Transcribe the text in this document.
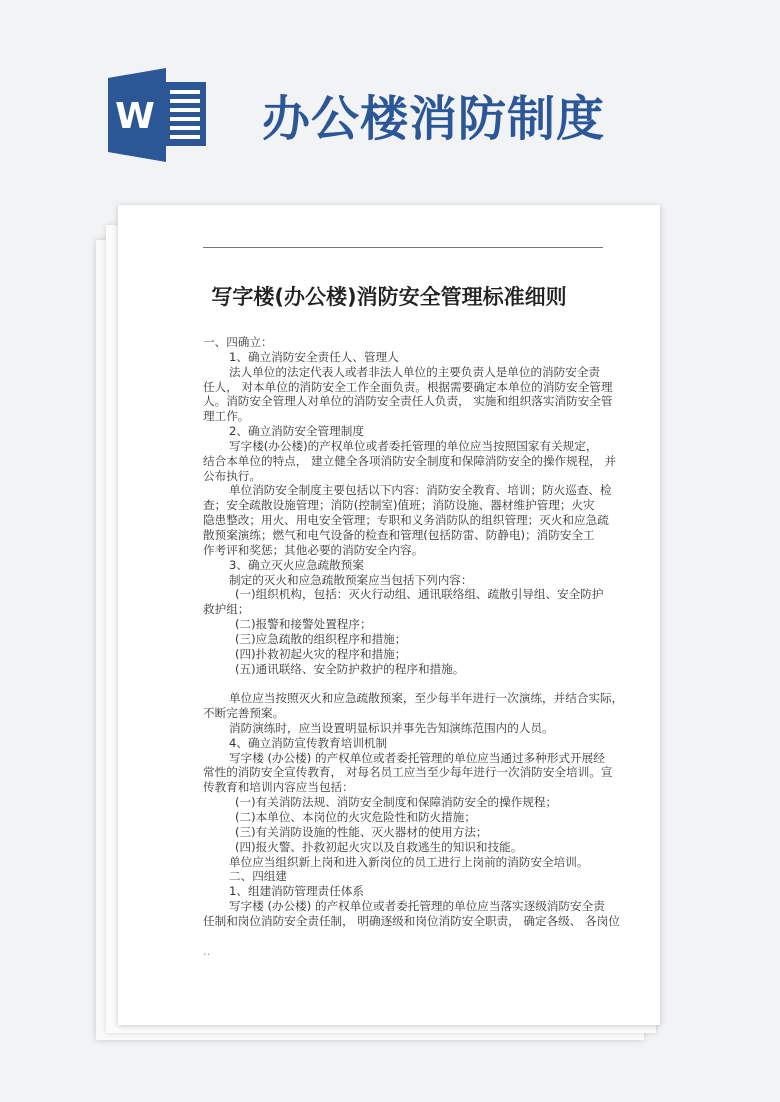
W 办公楼消防制度
写字楼(办公楼)消防安全管理标准细则
一、四确立：
1、确立消防安全责任人、管理人
法人单位的法定代表人或者非法人单位的主要负责人是单位的消防安全责
任人， 对本单位的消防安全工作全面负责。根据需要确定本单位的消防安全管理
人。消防安全管理人对单位的消防安全责任人负责， 实施和组织落实消防安全管
理工作。
2、确立消防安全管理制度
写字楼(办公楼)的产权单位或者委托管理的单位应当按照国家有关规定，
结合本单位的特点， 建立健全各项消防安全制度和保障消防安全的操作规程， 并
公布执行。
单位消防安全制度主要包括以下内容：消防安全教育、培训；防火巡查、检
查；安全疏散设施管理；消防(控制室)值班；消防设施、器材维护管理；火灾
隐患整改；用火、用电安全管理；专职和义务消防队的组织管理；灭火和应急疏
散预案演练；燃气和电气设备的检查和管理(包括防雷、防静电)；消防安全工
作考评和奖惩；其他必要的消防安全内容。
3、确立灭火应急疏散预案
制定的灭火和应急疏散预案应当包括下列内容：
(一)组织机构，包括：灭火行动组、通讯联络组、疏散引导组、安全防护
救护组；
(二)报警和接警处置程序；
(三)应急疏散的组织程序和措施；
(四)扑救初起火灾的程序和措施；
(五)通讯联络、安全防护救护的程序和措施。
单位应当按照灭火和应急疏散预案，至少每半年进行一次演练，并结合实际，
不断完善预案。
消防演练时，应当设置明显标识并事先告知演练范围内的人员。
4、确立消防宣传教育培训机制
写字楼 (办公楼) 的产权单位或者委托管理的单位应当通过多种形式开展经
常性的消防安全宣传教育， 对每名员工应当至少每年进行一次消防安全培训。宣
传教育和培训内容应当包括：
(一)有关消防法规、消防安全制度和保障消防安全的操作规程；
(二)本单位、本岗位的火灾危险性和防火措施；
(三)有关消防设施的性能、灭火器材的使用方法；
(四)报火警、扑救初起火灾以及自救逃生的知识和技能。
单位应当组织新上岗和进入新岗位的员工进行上岗前的消防安全培训。
二、四组建
1、组建消防管理责任体系
写字楼 (办公楼) 的产权单位或者委托管理的单位应当落实逐级消防安全责
任制和岗位消防安全责任制， 明确逐级和岗位消防安全职责， 确定各级、 各岗位
..
